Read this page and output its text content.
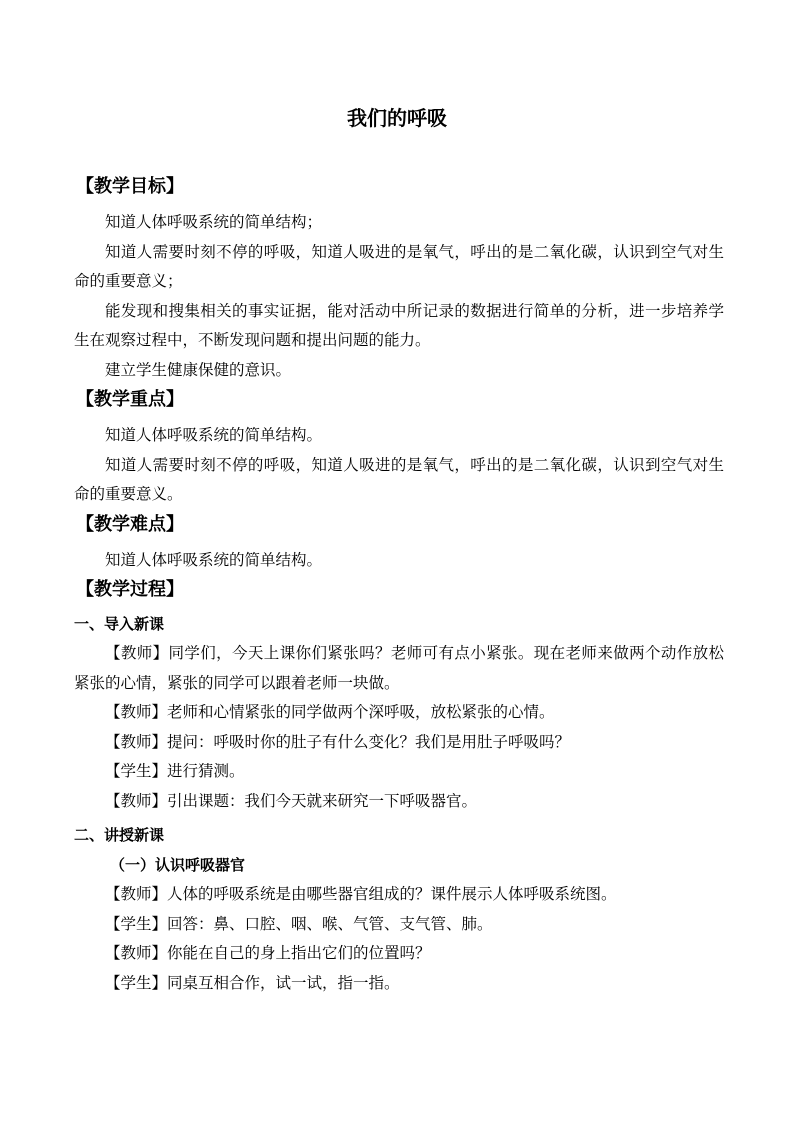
我们的呼吸
【教学目标】

知道人体呼吸系统的简单结构；

知道人需要时刻不停的呼吸，知道人吸进的是氧气，呼出的是二氧化碳，认识到空气对生命的重要意义；

能发现和搜集相关的事实证据，能对活动中所记录的数据进行简单的分析，进一步培养学生在观察过程中，不断发现问题和提出问题的能力。

建立学生健康保健的意识。

【教学重点】

知道人体呼吸系统的简单结构。

知道人需要时刻不停的呼吸，知道人吸进的是氧气，呼出的是二氧化碳，认识到空气对生命的重要意义。

【教学难点】

知道人体呼吸系统的简单结构。

【教学过程】
一、导入新课

【教师】同学们，今天上课你们紧张吗？老师可有点小紧张。现在老师来做两个动作放松紧张的心情，紧张的同学可以跟着老师一块做。

【教师】老师和心情紧张的同学做两个深呼吸，放松紧张的心情。

【教师】提问：呼吸时你的肚子有什么变化？我们是用肚子呼吸吗？

【学生】进行猜测。

【教师】引出课题：我们今天就来研究一下呼吸器官。

二、讲授新课
（一）认识呼吸器官

【教师】人体的呼吸系统是由哪些器官组成的？课件展示人体呼吸系统图。

【学生】回答：鼻、口腔、咽、喉、气管、支气管、肺。

【教师】你能在自己的身上指出它们的位置吗？

【学生】同桌互相合作，试一试，指一指。
